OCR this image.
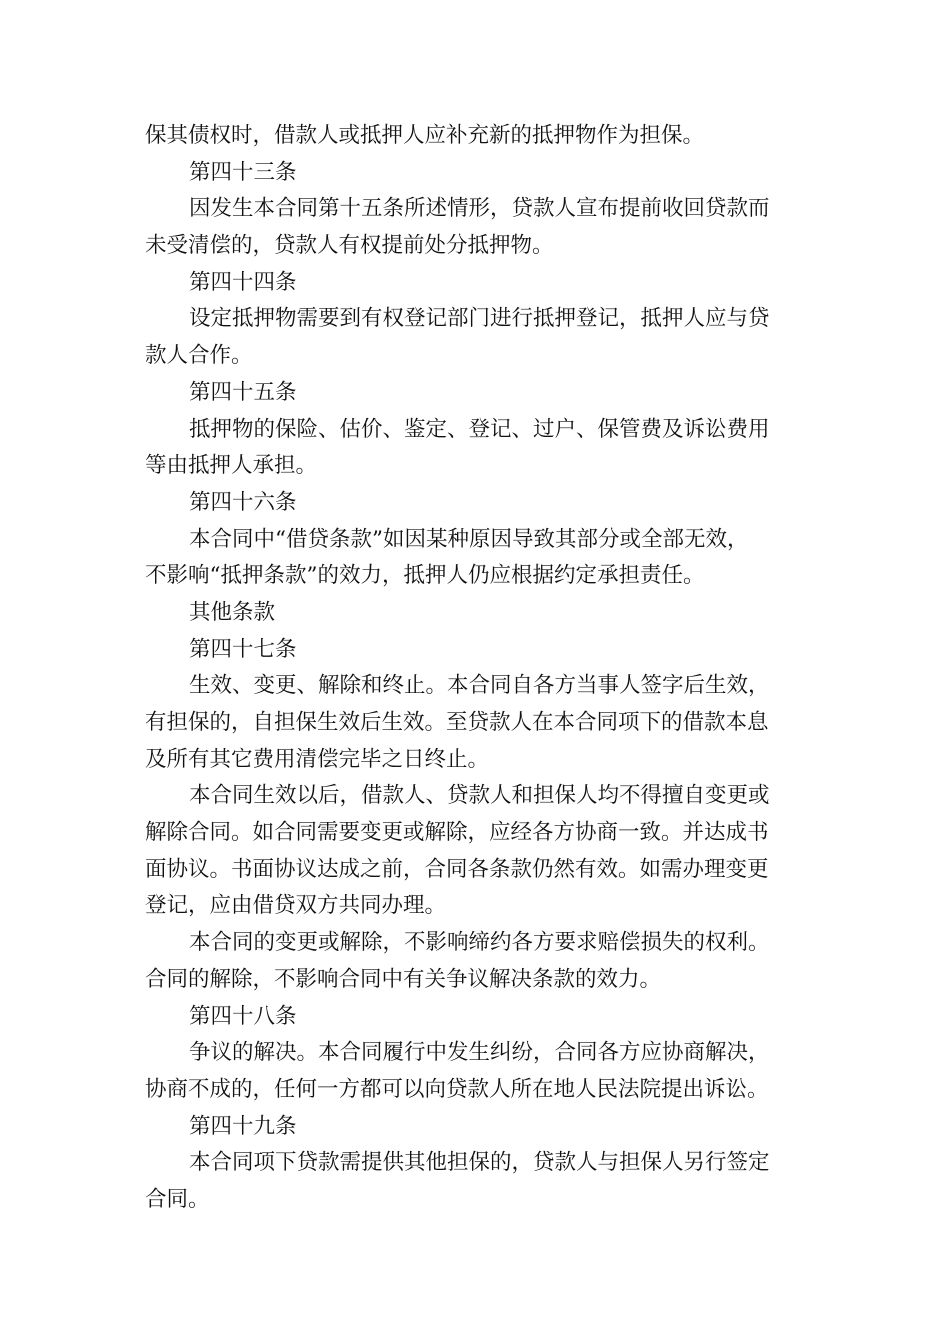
保其债权时，借款人或抵押人应补充新的抵押物作为担保。
第四十三条
因发生本合同第十五条所述情形，贷款人宣布提前收回贷款而
未受清偿的，贷款人有权提前处分抵押物。
第四十四条
设定抵押物需要到有权登记部门进行抵押登记，抵押人应与贷
款人合作。
第四十五条
抵押物的保险、估价、鉴定、登记、过户、保管费及诉讼费用
等由抵押人承担。
第四十六条
本合同中“借贷条款”如因某种原因导致其部分或全部无效，
不影响“抵押条款”的效力，抵押人仍应根据约定承担责任。
其他条款
第四十七条
生效、变更、解除和终止。本合同自各方当事人签字后生效，
有担保的，自担保生效后生效。至贷款人在本合同项下的借款本息
及所有其它费用清偿完毕之日终止。
本合同生效以后，借款人、贷款人和担保人均不得擅自变更或
解除合同。如合同需要变更或解除，应经各方协商一致。并达成书
面协议。书面协议达成之前，合同各条款仍然有效。如需办理变更
登记，应由借贷双方共同办理。
本合同的变更或解除，不影响缔约各方要求赔偿损失的权利。
合同的解除，不影响合同中有关争议解决条款的效力。
第四十八条
争议的解决。本合同履行中发生纠纷，合同各方应协商解决，
协商不成的，任何一方都可以向贷款人所在地人民法院提出诉讼。
第四十九条
本合同项下贷款需提供其他担保的，贷款人与担保人另行签定
合同。
